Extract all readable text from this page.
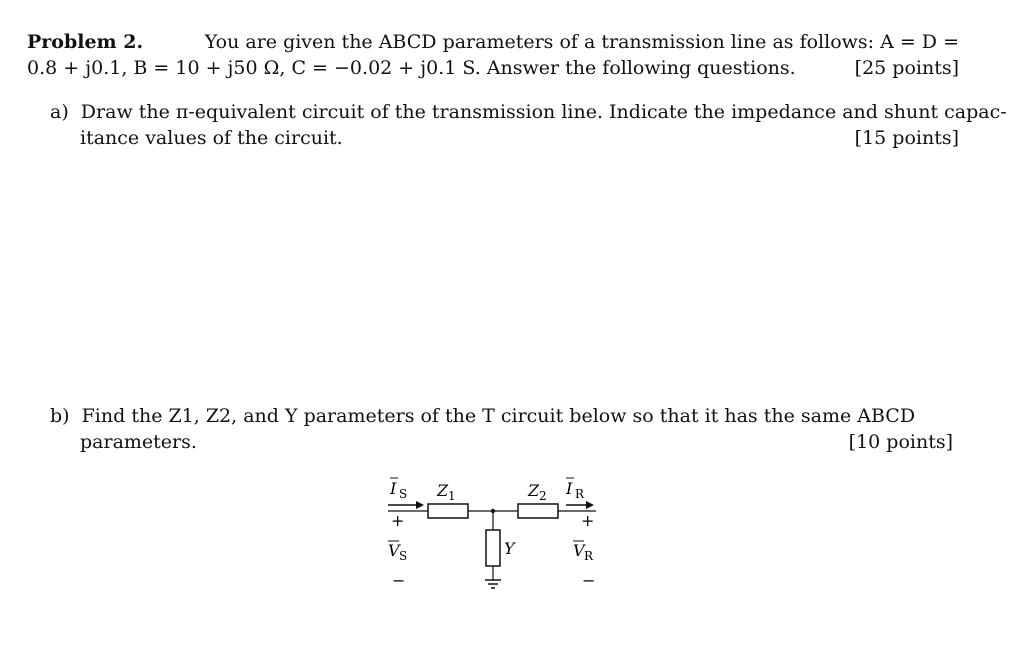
Problem 2.	You are given the ABCD parameters of a transmission line as follows: A = D =
0.8 + j0.1, B = 10 + j50 Ω, C = −0.02 + j0.1 S. Answer the following questions.	[25 points]
a) Draw the π-equivalent circuit of the transmission line. Indicate the impedance and shunt capac-
itance values of the circuit.	[15 points]
b) Find the Z1, Z2, and Y parameters of the T circuit below so that it has the same ABCD
parameters.	[10 points]
I S Z 1	Z 2 I R
Y
+
V S
−
+
V R
−
